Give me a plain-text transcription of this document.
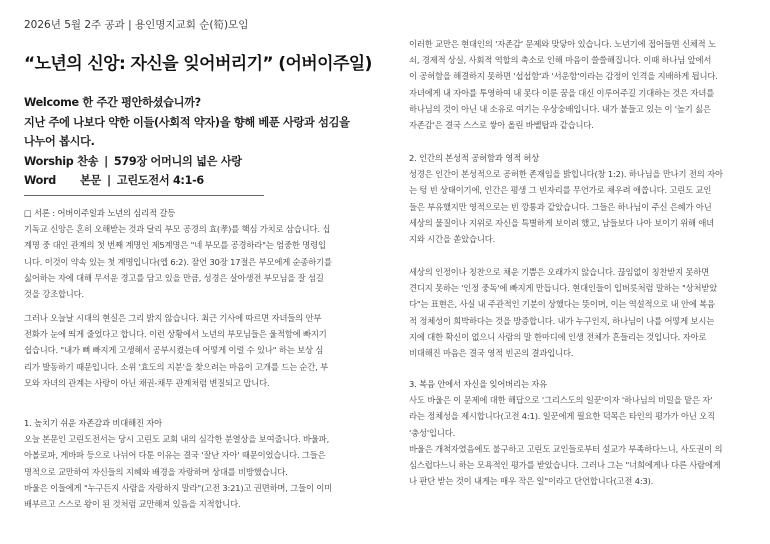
2026년 5월 2주 공과 | 용인명지교회 순(筍)모임
“노년의 신앙: 자신을 잊어버리기” (어버이주일)
Welcome 한 주간 평안하셨습니까?
지난 주에 나보다 약한 이들(사회적 약자)을 향해 베푼 사랑과 섬김을
나누어 봅시다.
Worship 찬송 | 579장 어머니의 넓은 사랑
Word 본문 | 고린도전서 4:1-6
□ 서론 : 어버이주일과 노년의 심리적 갈등
기독교 신앙은 혼히 오해받는 것과 달리 부모 공경의 효(孝)를 핵심 가치로 삼습니다. 십
계명 중 대인 관계의 첫 번째 계명인 제5계명은 "네 부모를 공경하라"는 엄중한 명령입
니다. 이것이 약속 있는 첫 계명입니다(엡 6:2). 잠언 30장 17절은 부모에게 순종하기를
싫어하는 자에 대해 무서운 경고를 담고 있을 만큼, 성경은 살아생전 부모님을 잘 섬길
것을 강조합니다.
그러나 오늘날 시대의 현실은 그리 밝지 않습니다. 최근 기사에 따르면 자녀들의 안부
전화가 눈에 띄게 줄었다고 합니다. 이런 상황에서 노년의 부모님들은 울적함에 빠지기
쉽습니다. "내가 뼈 빠지게 고생해서 공부시켰는데 어떻게 이럴 수 있나" 하는 보상 심
리가 발동하기 때문입니다. 소위 '효도의 지분'을 찾으려는 마음이 고개를 드는 순간, 부
모와 자녀의 관계는 사랑이 아닌 채권-채무 관계처럼 변질되고 맙니다.
1. 높치기 쉬운 자존감과 비대해진 자아
오늘 본문인 고린도전서는 당시 고린도 교회 내의 심각한 분열상을 보여줍니다. 바울파,
아볼로파, 게바파 등으로 나뉘어 다툰 이유는 결국 '잘난 자아' 때문이었습니다. 그들은
명적으로 교만하여 자신들의 지혜와 배경을 자랑하며 상대를 비방했습니다.
바울은 이들에게 "누구든지 사람을 자랑하지 말라"(고전 3:21)고 권면하며, 그들이 이미
배부르고 스스로 왕이 된 것처럼 교만해져 있음을 지적합니다.
이러한 교만은 현대인의 '자존감' 문제와 맞닿아 있습니다. 노년기에 접어들면 신체적 노
쇠, 경제적 상실, 사회적 역할의 축소로 인해 마음이 쓸쓸해집니다. 이때 하나님 앞에서
이 공허함을 해결하지 못하면 '섭섭함'과 '서운함'이라는 감정이 인격을 지배하게 됩니다.
자녀에게 내 자아를 투영하여 내 못다 이룬 꿈을 대신 이루어주길 기대하는 것은 자녀를
하나님의 것이 아닌 내 소유로 여기는 우상숭배입니다. 내가 붙들고 있는 이 '높기 싫은
자존감'은 결국 스스로 쌓아 올린 바벨탑과 같습니다.
2. 인간의 본성적 공허함과 영적 허상
성경은 인간이 본성적으로 공허한 존재임을 밝힙니다(창 1:2). 하나님을 만나기 전의 자아
는 텅 빈 상태이기에, 인간은 평생 그 빈자리를 무언가로 채우려 애씁니다. 고린도 교인
들은 부유했지만 영적으로는 빈 깡통과 같았습니다. 그들은 하나님이 주신 은혜가 아닌
세상의 물질이나 지위로 자신을 특별하게 보이려 했고, 남들보다 나아 보이기 위해 애녀
지와 시간을 쏟았습니다.
세상의 인정이나 칭찬으로 채운 기쁨은 오래가지 않습니다. 끊임없이 칭찬받지 못하면
견디지 못하는 '인정 중독'에 빠지게 만듭니다. 현대인들이 입버릇처럼 말하는 "상처받았
다"는 표현은, 사실 내 주관적인 기분이 상했다는 뜻이며, 이는 역설적으로 내 안에 복음
적 정체성이 희박하다는 것을 방증합니다. 내가 누구인지, 하나님이 나를 어떻게 보시는
지에 대한 확신이 없으니 사람의 말 한마디에 인생 전체가 흔들리는 것입니다. 자아로
비대해진 마음은 결국 영적 빈곤의 결과입니다.
3. 복음 안에서 자신을 잊어버리는 자유
사도 바울은 이 문제에 대한 해답으로 '그리스도의 일꾼'이자 '하나님의 비밀을 맡은 자'
라는 정체성을 제시합니다(고전 4:1). 일꾼에게 필요한 덕목은 타인의 평가가 아닌 오직
'충성'입니다.
바울은 개척자였음에도 불구하고 고린도 교인들로부터 설교가 부족하다느니, 사도권이 의
심스럽다느니 하는 모욕적인 평가를 받았습니다. 그러나 그는 "너희에게나 다른 사람에게
나 판단 받는 것이 내게는 매우 작은 일"이라고 단언합니다(고전 4:3).
